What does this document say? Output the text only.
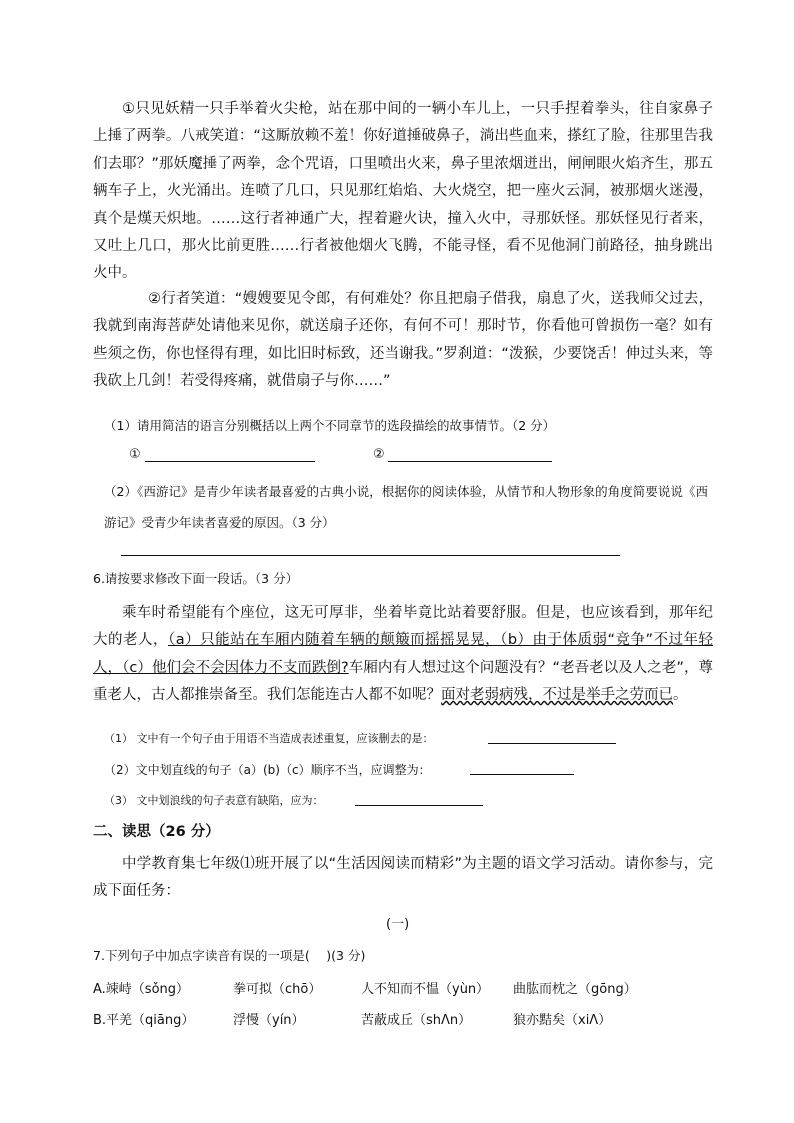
①只见妖精一只手举着火尖枪，站在那中间的一辆小车儿上，一只手捏着拳头，往自家鼻子上捶了两拳。八戒笑道：“这厮放赖不羞！你好道捶破鼻子，淌出些血来，搽红了脸，往那里告我们去耶？”那妖魔捶了两拳，念个咒语，口里喷出火来，鼻子里浓烟迸出，闸闸眼火焰齐生，那五辆车子上，火光涌出。连喷了几口，只见那红焰焰、大火烧空，把一座火云洞，被那烟火迷漫，真个是熯天炽地。……这行者神通广大，捏着避火诀，撞入火中，寻那妖怪。那妖怪见行者来，又吐上几口，那火比前更胜……行者被他烟火飞腾，不能寻怪，看不见他洞门前路径，抽身跳出火中。

②行者笑道：“嫂嫂要见令郎，有何难处？你且把扇子借我，扇息了火，送我师父过去，我就到南海菩萨处请他来见你，就送扇子还你，有何不可！那时节，你看他可曾损伤一毫？如有些须之伤，你也怪得有理，如比旧时标致，还当谢我。”罗刹道：“泼猴，少要饶舌！伸过头来，等我砍上几剑！若受得疼痛，就借扇子与你……”

（1）请用简洁的语言分别概括以上两个不同章节的选段描绘的故事情节。（2 分）

①	②

（2）《西游记》是青少年读者最喜爱的古典小说，根据你的阅读体验，从情节和人物形象的角度简要说说《西游记》受青少年读者喜爱的原因。（3 分）

6.请按要求修改下面一段话。（3 分）

乘车时希望能有个座位，这无可厚非，坐着毕竟比站着要舒服。但是，也应该看到，那年纪大的老人，（a）只能站在车厢内随着车辆的颠簸而摇摇晃晃，（b）由于体质弱“竞争”不过年轻人，（c）他们会不会因体力不支而跌倒?车厢内有人想过这个问题没有？“老吾老以及人之老”，尊重老人，古人都推崇备至。我们怎能连古人都不如呢？面对老弱病残，不过是举手之劳而已。

（1） 文中有一个句子由于用语不当造成表述重复，应该删去的是：

（2）文中划直线的句子（a）(b)（c）顺序不当，应调整为：

（3） 文中划浪线的句子表意有缺陷，应为：

二、读思（26 分）

中学教育集七年级⑴班开展了以“生活因阅读而精彩”为主题的语文学习活动。请你参与，完成下面任务：

(一)

7.下列句子中加点字读音有误的一项是(　 )(3 分)

A.竦峙（sǒng）	拳可拟（chō）	人不知而不愠（yùn） 曲肱而枕之（gōng）
B.平羌（qiāng）	浮慢（yín）	苦蔽成丘（shΛn）	狼亦黠矣（xiΛ）
